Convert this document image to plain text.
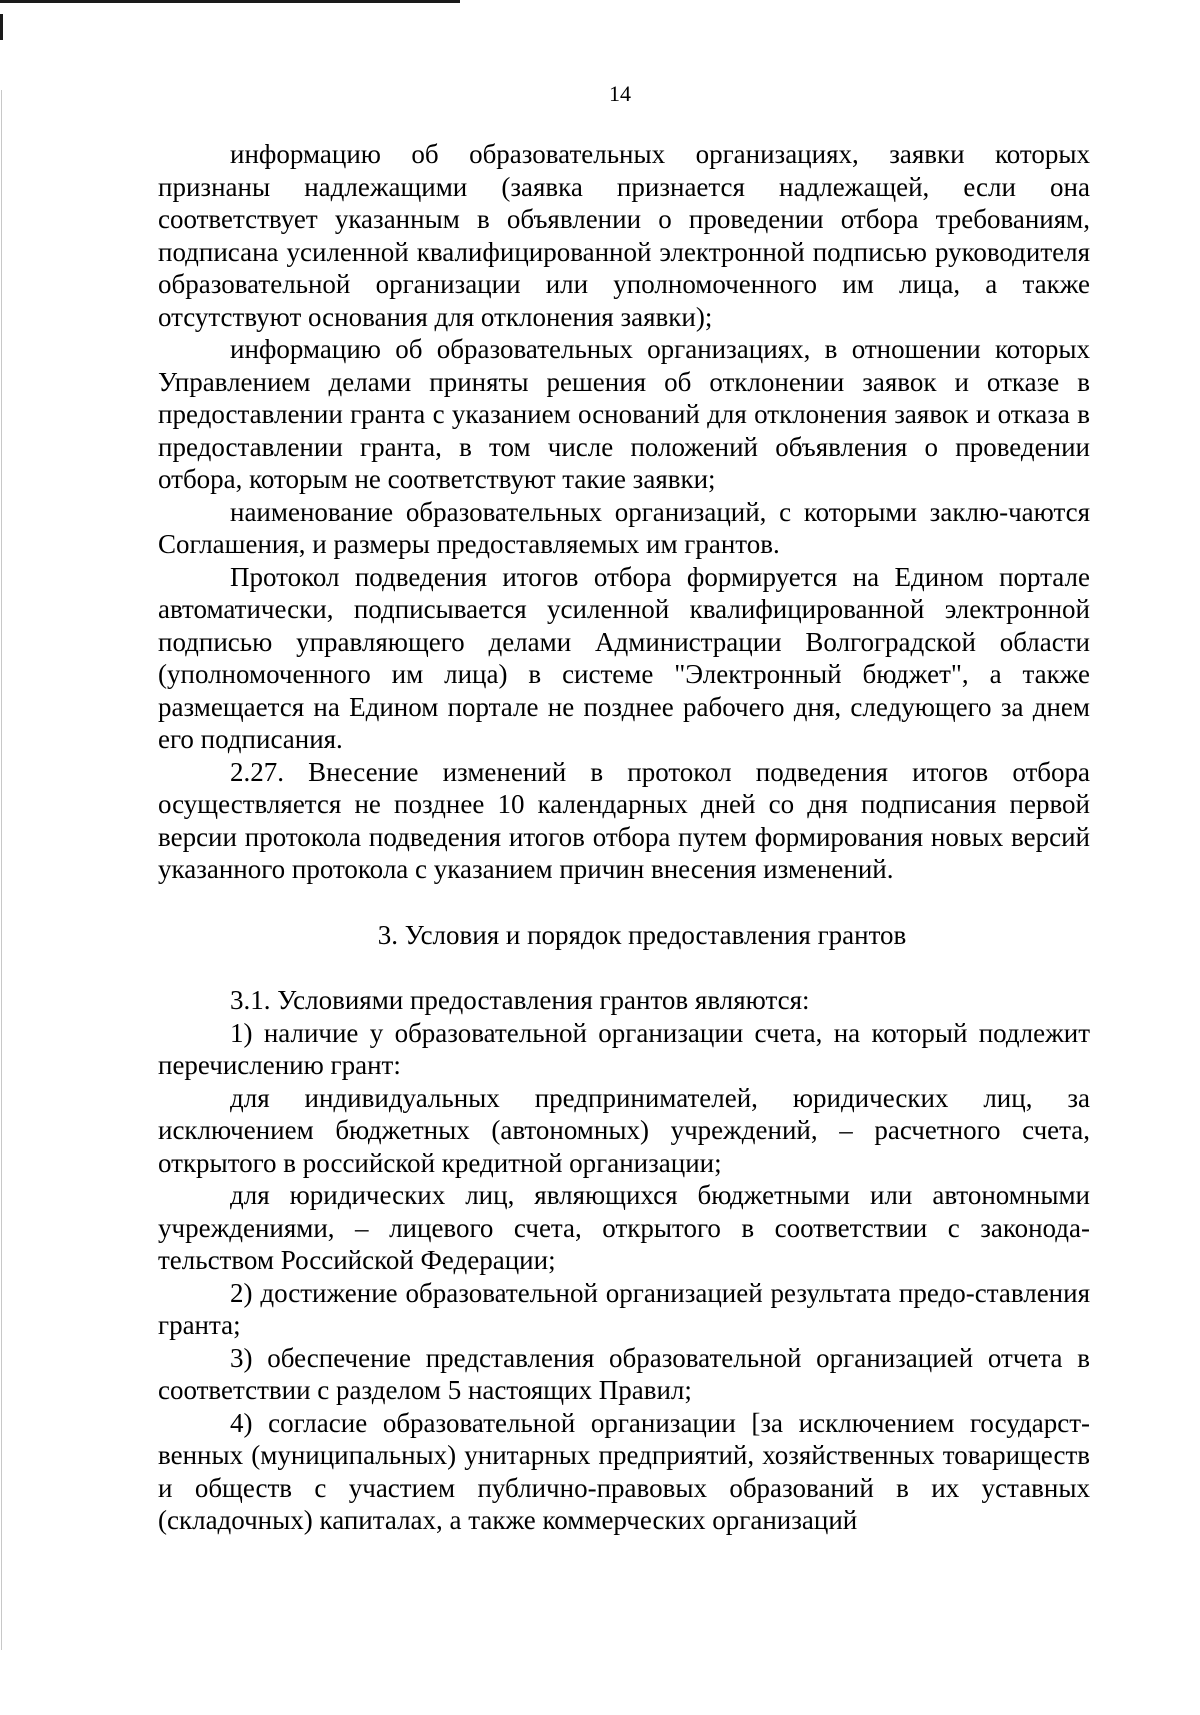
14

информацию об образовательных организациях, заявки которых признаны надлежащими (заявка признается надлежащей, если она соответствует указанным в объявлении о проведении отбора требованиям, подписана усиленной квалифицированной электронной подписью руководителя образовательной организации или уполномоченного им лица, а также отсутствуют основания для отклонения заявки);

информацию об образовательных организациях, в отношении которых Управлением делами приняты решения об отклонении заявок и отказе в предоставлении гранта с указанием оснований для отклонения заявок и отказа в предоставлении гранта, в том числе положений объявления о проведении отбора, которым не соответствуют такие заявки;

наименование образовательных организаций, с которыми заклю-чаются Соглашения, и размеры предоставляемых им грантов.

Протокол подведения итогов отбора формируется на Едином портале автоматически, подписывается усиленной квалифицированной электронной подписью управляющего делами Администрации Волгоградской области (уполномоченного им лица) в системе "Электронный бюджет", а также размещается на Едином портале не позднее рабочего дня, следующего за днем его подписания.

2.27. Внесение изменений в протокол подведения итогов отбора осуществляется не позднее 10 календарных дней со дня подписания первой версии протокола подведения итогов отбора путем формирования новых версий указанного протокола с указанием причин внесения изменений.

3. Условия и порядок предоставления грантов

3.1. Условиями предоставления грантов являются:

1) наличие у образовательной организации счета, на который подлежит перечислению грант:

для индивидуальных предпринимателей, юридических лиц, за исключением бюджетных (автономных) учреждений, – расчетного счета, открытого в российской кредитной организации;

для юридических лиц, являющихся бюджетными или автономными учреждениями, – лицевого счета, открытого в соответствии с законода-тельством Российской Федерации;

2) достижение образовательной организацией результата предо-ставления гранта;

3) обеспечение представления образовательной организацией отчета в соответствии с разделом 5 настоящих Правил;

4) согласие образовательной организации [за исключением государст-венных (муниципальных) унитарных предприятий, хозяйственных товариществ и обществ с участием публично-правовых образований в их уставных (складочных) капиталах, а также коммерческих организаций
